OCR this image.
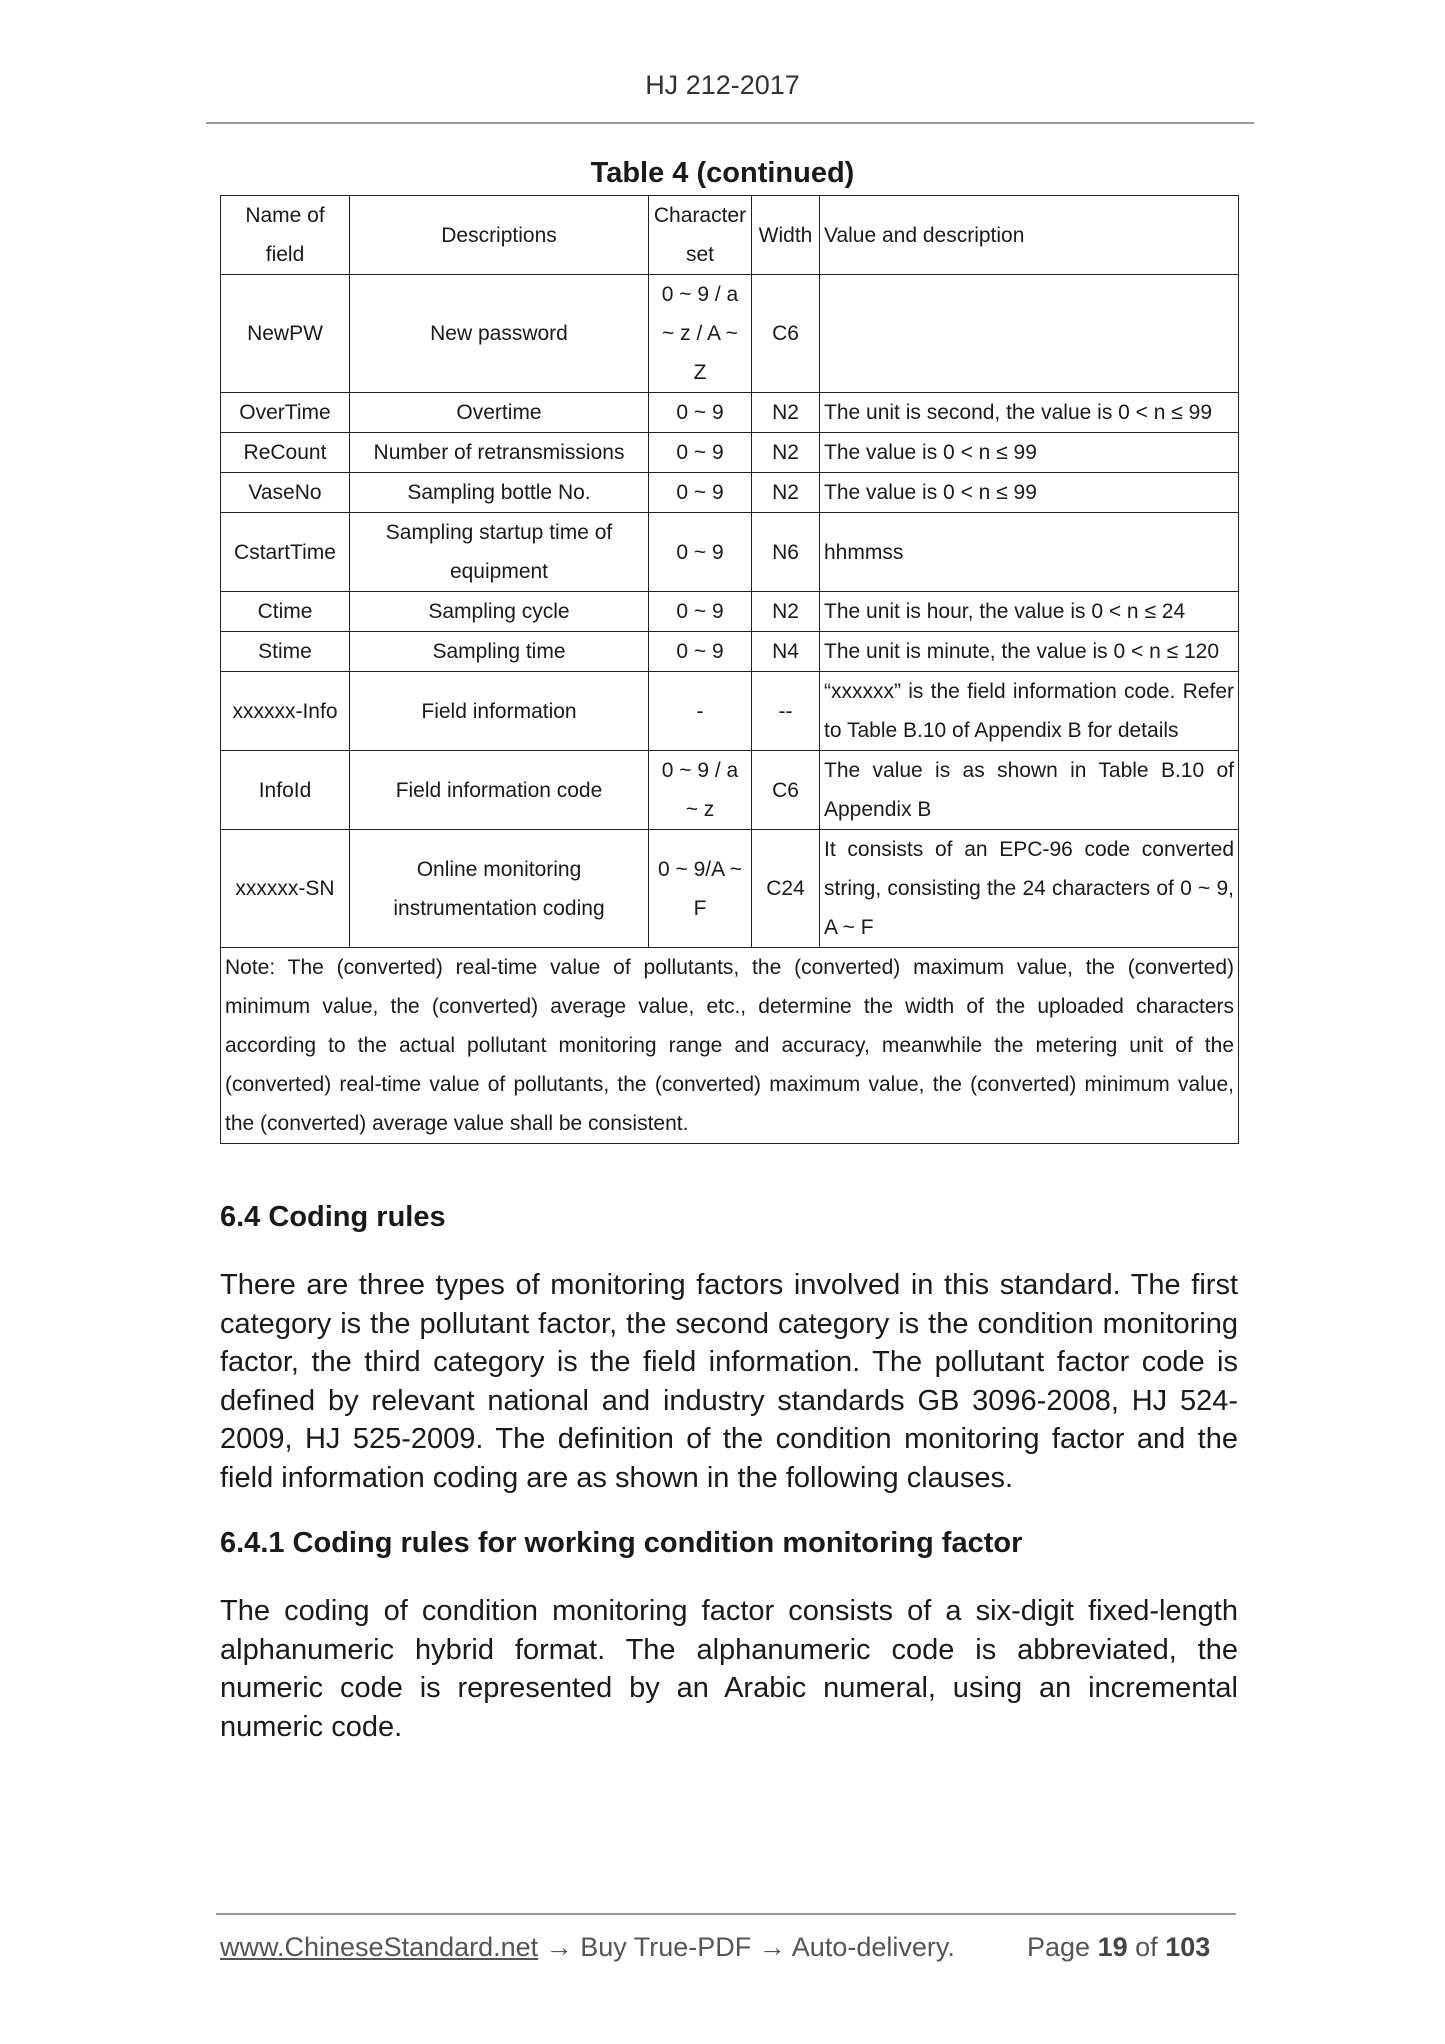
HJ 212-2017
Table 4 (continued)
Name of field	Descriptions	Character set	Width	Value and description
NewPW	New password	0 ~ 9 / a ~ z / A ~ Z	C6	
OverTime	Overtime	0 ~ 9	N2	The unit is second, the value is 0 < n ≤ 99
ReCount	Number of retransmissions	0 ~ 9	N2	The value is 0 < n ≤ 99
VaseNo	Sampling bottle No.	0 ~ 9	N2	The value is 0 < n ≤ 99
CstartTime	Sampling startup time of equipment	0 ~ 9	N6	hhmmss
Ctime	Sampling cycle	0 ~ 9	N2	The unit is hour, the value is 0 < n ≤ 24
Stime	Sampling time	0 ~ 9	N4	The unit is minute, the value is 0 < n ≤ 120
xxxxxx-Info	Field information	-	--	“xxxxxx” is the field information code. Refer to Table B.10 of Appendix B for details
InfoId	Field information code	0 ~ 9 / a ~ z	C6	The value is as shown in Table B.10 of Appendix B
xxxxxx-SN	Online monitoring instrumentation coding	0 ~ 9/A ~ F	C24	It consists of an EPC-96 code converted string, consisting the 24 characters of 0 ~ 9, A ~ F
Note: The (converted) real-time value of pollutants, the (converted) maximum value, the (converted) minimum value, the (converted) average value, etc., determine the width of the uploaded characters according to the actual pollutant monitoring range and accuracy, meanwhile the metering unit of the (converted) real-time value of pollutants, the (converted) maximum value, the (converted) minimum value, the (converted) average value shall be consistent.				
6.4 Coding rules
There are three types of monitoring factors involved in this standard. The first category is the pollutant factor, the second category is the condition monitoring factor, the third category is the field information. The pollutant factor code is defined by relevant national and industry standards GB 3096-2008, HJ 524-2009, HJ 525-2009. The definition of the condition monitoring factor and the field information coding are as shown in the following clauses.
6.4.1 Coding rules for working condition monitoring factor
The coding of condition monitoring factor consists of a six-digit fixed-length alphanumeric hybrid format. The alphanumeric code is abbreviated, the numeric code is represented by an Arabic numeral, using an incremental numeric code.
www.ChineseStandard.net → Buy True-PDF → Auto-delivery.	Page 19 of 103
